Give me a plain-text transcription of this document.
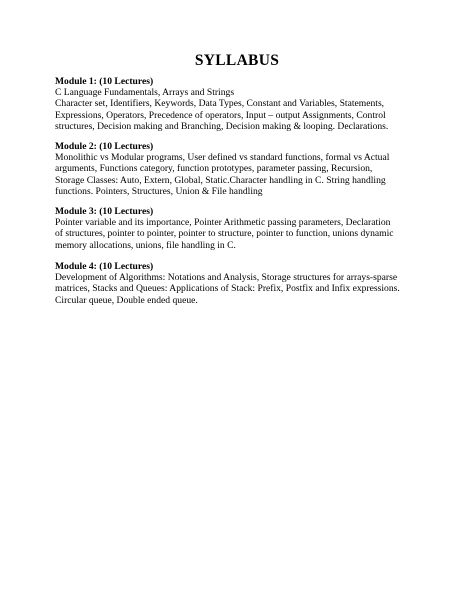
SYLLABUS
Module 1: (10 Lectures)
C Language Fundamentals, Arrays and Strings
Character set, Identifiers, Keywords, Data Types, Constant and Variables, Statements,
Expressions, Operators, Precedence of operators, Input – output Assignments, Control
structures, Decision making and Branching, Decision making & looping. Declarations.
Module 2: (10 Lectures)
Monolithic vs Modular programs, User defined vs standard functions, formal vs Actual
arguments, Functions category, function prototypes, parameter passing, Recursion,
Storage Classes: Auto, Extern, Global, Static.Character handling in C. String handling
functions. Pointers, Structures, Union & File handling
Module 3: (10 Lectures)
Pointer variable and its importance, Pointer Arithmetic passing parameters, Declaration
of structures, pointer to pointer, pointer to structure, pointer to function, unions dynamic
memory allocations, unions, file handling in C.
Module 4: (10 Lectures)
Development of Algorithms: Notations and Analysis, Storage structures for arrays-sparse
matrices, Stacks and Queues: Applications of Stack: Prefix, Postfix and Infix expressions.
Circular queue, Double ended queue.
